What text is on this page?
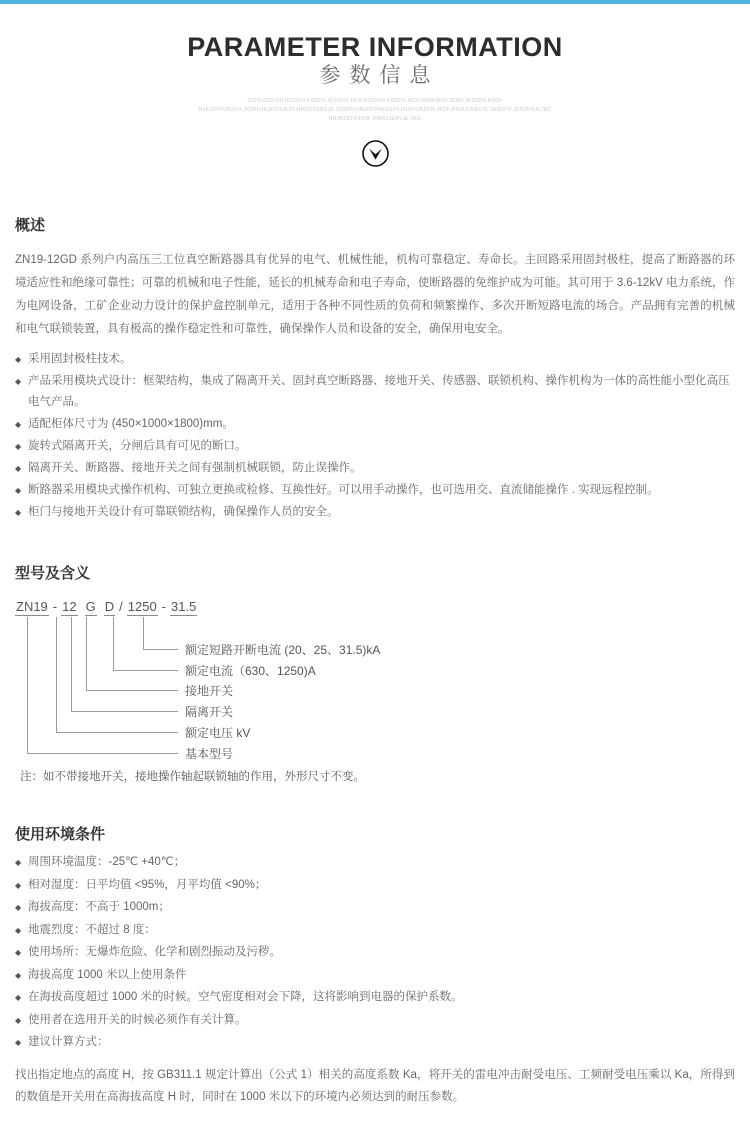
PARAMETER INFORMATION
参数信息
3DFGJSDFGHJKSDFH.KSDFH.JKSDFH.JKDFHJKDFH.KSDFH.JKDFJHNRJERVJERH.JKSDFH.KSDF
HJKSDFHJKDFH.JKDFHJKSDFHJKDFJHKRJVERVJE.JKSDFHJNSDFHJKSDFHJKDFHJKDFH.JKDFJHKRJVERVJE.JKSDFH.JKSDFHJKJKD
RHJKSDFHJKDFJHKRJJERVJE.JKG
概述

ZN19-12GD 系列户内高压三工位真空断路器具有优异的电气、机械性能，机构可靠稳定、寿命长。主回路采用固封极柱，提高了断路器的环境适应性和绝缘可靠性；可靠的机械和电子性能，延长的机械寿命和电子寿命，使断路器的免维护成为可能。其可用于 3.6-12kV 电力系统，作为电网设备，工矿企业动力设计的保护盒控制单元，适用于各种不同性质的负荷和频繁操作、多次开断短路电流的场合。产品拥有完善的机械和电气联锁装置，具有极高的操作稳定性和可靠性，确保操作人员和设备的安全，确保用电安全。

◆ 采用固封极柱技术。
◆ 产品采用模块式设计：框架结构，集成了隔离开关、固封真空断路器、接地开关、传感器、联锁机构、操作机构为一体的高性能小型化高压电气产品。
◆ 适配柜体尺寸为 (450×1000×1800)mm。
◆ 旋转式隔离开关，分闸后具有可见的断口。
◆ 隔离开关、断路器、接地开关之间有强制机械联锁，防止误操作。
◆ 断路器采用模块式操作机构、可独立更换或检修、互换性好。可以用手动操作，也可选用交、直流储能操作 . 实现远程控制。
◆ 柜门与接地开关设计有可靠联锁结构，确保操作人员的安全。
型号及含义
ZN19 - 12 G D / 1250 - 31.5
额定短路开断电流 (20、25、31.5)kA
额定电流（630、1250)A
接地开关
隔离开关
额定电压 kV
基本型号

注：如不带接地开关，接地操作轴起联锁轴的作用，外形尺寸不变。

使用环境条件
◆ 周围环境温度：-25℃ +40℃；
◆ 相对湿度：日平均值 <95%，月平均值 <90%；
◆ 海拔高度：不高于 1000m；
◆ 地震烈度：不超过 8 度：
◆ 使用场所：无爆炸危险、化学和剧烈振动及污秽。
◆ 海拔高度 1000 米以上使用条件
◆ 在海拔高度超过 1000 米的时候。空气密度相对会下降，这将影响到电器的保护系数。
◆ 使用者在选用开关的时候必须作有关计算。
◆ 建议计算方式：

找出指定地点的高度 H，按 GB311.1 规定计算出（公式 1）相关的高度系数 Ka，将开关的雷电冲击耐受电压、工频耐受电压乘以 Ka，所得到的数值是开关用在高海拔高度 H 时，同时在 1000 米以下的环境内必须达到的耐压参数。
